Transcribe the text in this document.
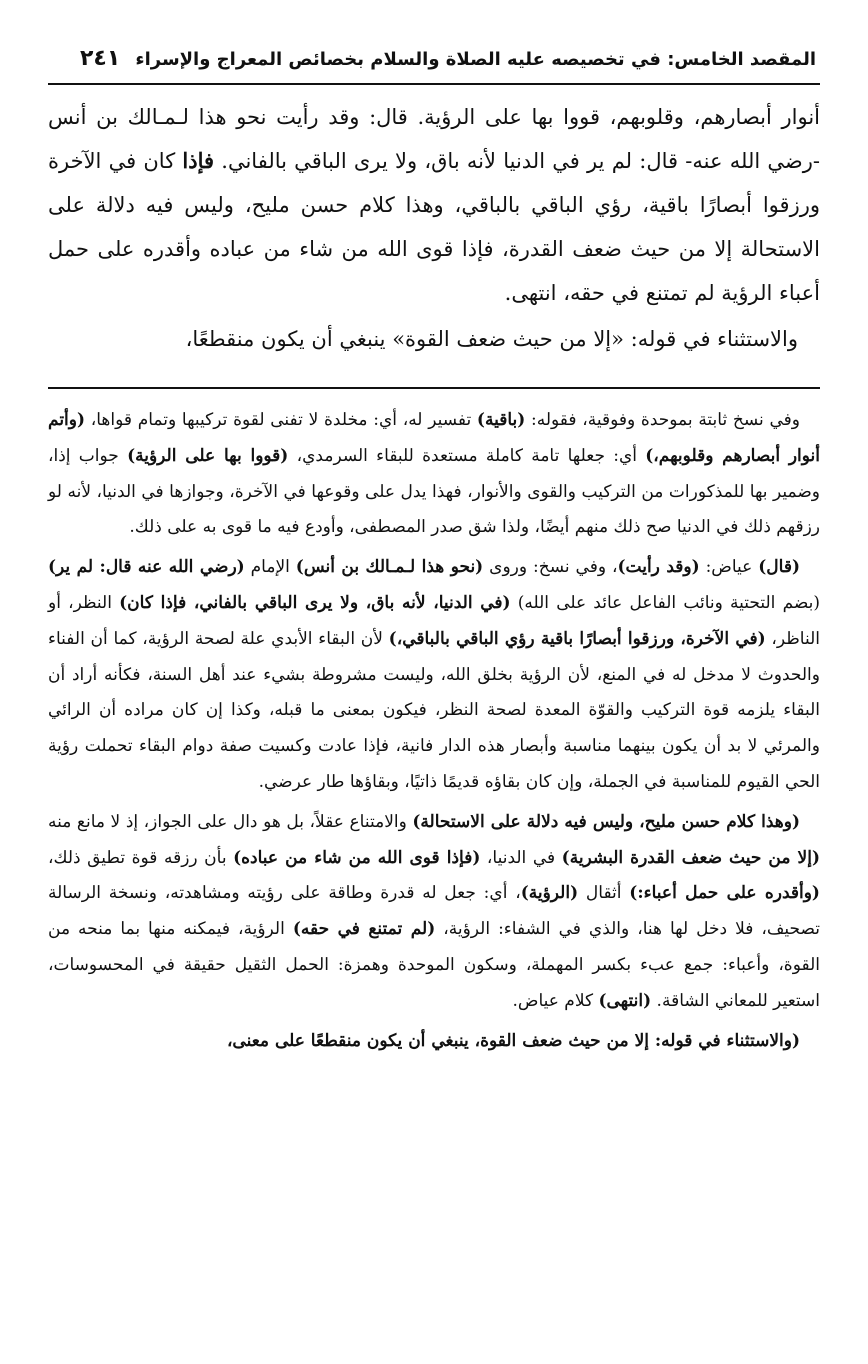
المقصد الخامس: في تخصيصه عليه الصلاة والسلام بخصائص المعراج والإسراء
٢٤١

أنوار أبصارهم، وقلوبهم، قووا بها على الرؤية. قال: وقد رأيت نحو هذا لـمـالك بن أنس -رضي الله عنه- قال: لم ير في الدنيا لأنه باق، ولا يرى الباقي بالفاني. فإذا كان في الآخرة ورزقوا أبصارًا باقية، رؤي الباقي بالباقي، وهذا كلام حسن مليح، وليس فيه دلالة على الاستحالة إلا من حيث ضعف القدرة، فإذا قوى الله من شاء من عباده وأقدره على حمل أعباء الرؤية لم تمتنع في حقه، انتهى.

والاستثناء في قوله: «إلا من حيث ضعف القوة» ينبغي أن يكون منقطعًا،

وفي نسخ ثابتة بموحدة وفوقية، فقوله: (باقية) تفسير له، أي: مخلدة لا تفنى لقوة تركيبها وتمام قواها، (وأتم أنوار أبصارهم وقلوبهم،) أي: جعلها تامة كاملة مستعدة للبقاء السرمدي، (قووا بها على الرؤية) جواب إذا، وضمير بها للمذكورات من التركيب والقوى والأنوار، فهذا يدل على وقوعها في الآخرة، وجوازها في الدنيا، لأنه لو رزقهم ذلك في الدنيا صح ذلك منهم أيضًا، ولذا شق صدر المصطفى، وأودع فيه ما قوى به على ذلك.

(قال) عياض: (وقد رأيت)، وفي نسخ: وروى (نحو هذا لـمـالك بن أنس) الإمام (رضي الله عنه قال: لم ير) (بضم التحتية ونائب الفاعل عائد على الله) (في الدنيا، لأنه باق، ولا يرى الباقي بالفاني، فإذا كان) النظر، أو الناظر، (في الآخرة، ورزقوا أبصارًا باقية رؤي الباقي بالباقي،) لأن البقاء الأبدي علة لصحة الرؤية، كما أن الفناء والحدوث لا مدخل له في المنع، لأن الرؤية بخلق الله، وليست مشروطة بشيء عند أهل السنة، فكأنه أراد أن البقاء يلزمه قوة التركيب والقوّة المعدة لصحة النظر، فيكون بمعنى ما قبله، وكذا إن كان مراده أن الرائي والمرئي لا بد أن يكون بينهما مناسبة وأبصار هذه الدار فانية، فإذا عادت وكسيت صفة دوام البقاء تحملت رؤية الحي القيوم للمناسبة في الجملة، وإن كان بقاؤه قديمًا ذاتيًا، وبقاؤها طار عرضي.

(وهذا كلام حسن مليح، وليس فيه دلالة على الاستحالة) والامتناع عقلاً، بل هو دال على الجواز، إذ لا مانع منه (إلا من حيث ضعف القدرة البشرية) في الدنيا، (فإذا قوى الله من شاء من عباده) بأن رزقه قوة تطيق ذلك، (وأقدره على حمل أعباء:) أثقال (الرؤية)، أي: جعل له قدرة وطاقة على رؤيته ومشاهدته، ونسخة الرسالة تصحيف، فلا دخل لها هنا، والذي في الشفاء: الرؤية، (لم تمتنع في حقه) الرؤية، فيمكنه منها بما منحه من القوة، وأعباء: جمع عبء بكسر المهملة، وسكون الموحدة وهمزة: الحمل الثقيل حقيقة في المحسوسات، استعير للمعاني الشاقة. (انتهى) كلام عياض.

(والاستثناء في قوله: إلا من حيث ضعف القوة، ينبغي أن يكون منقطعًا على معنى،
